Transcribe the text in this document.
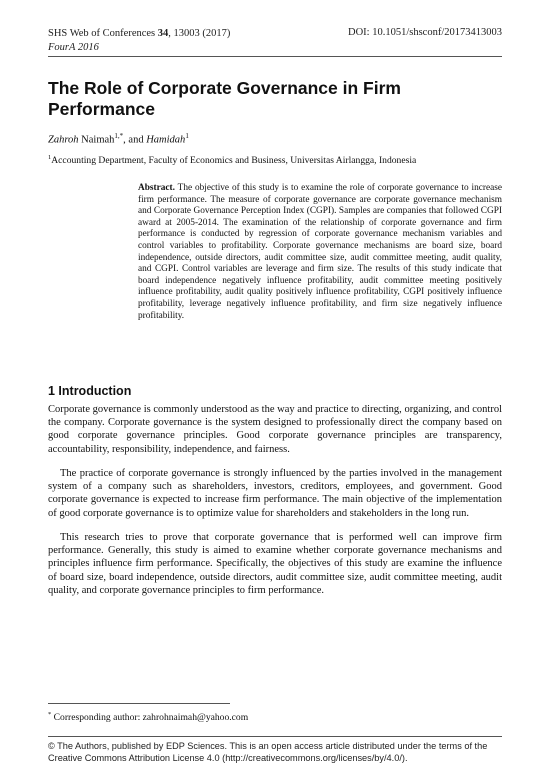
SHS Web of Conferences 34, 13003 (2017)
FourA 2016
DOI: 10.1051/shsconf/20173413003
The Role of Corporate Governance in Firm Performance
Zahroh Naimah$^{1,*}$, and Hamidah$^1$
$^1$Accounting Department, Faculty of Economics and Business, Universitas Airlangga, Indonesia
Abstract. The objective of this study is to examine the role of corporate governance to increase firm performance. The measure of corporate governance are corporate governance mechanism and Corporate Governance Perception Index (CGPI). Samples are companies that followed CGPI award at 2005-2014. The examination of the relationship of corporate governance and firm performance is conducted by regression of corporate governance mechanism variables and control variables to profitability. Corporate governance mechanisms are board size, board independence, outside directors, audit committee size, audit committee meeting, audit quality, and CGPI. Control variables are leverage and firm size. The results of this study indicate that board independence negatively influence profitability, audit committee meeting positively influence profitability, audit quality positively influence profitability, CGPI positively influence profitability, leverage negatively influence profitability, and firm size negatively influence profitability.
1 Introduction
Corporate governance is commonly understood as the way and practice to directing, organizing, and control the company. Corporate governance is the system designed to professionally direct the company based on good corporate governance principles. Good corporate governance principles are transparency, accountability, responsibility, independence, and fairness.
The practice of corporate governance is strongly influenced by the parties involved in the management system of a company such as shareholders, investors, creditors, employees, and government. Good corporate governance is expected to increase firm performance. The main objective of the implementation of good corporate governance is to optimize value for shareholders and stakeholders in the long run.
This research tries to prove that corporate governance that is performed well can improve firm performance. Generally, this study is aimed to examine whether corporate governance mechanisms and principles influence firm performance. Specifically, the objectives of this study are examine the influence of board size, board independence, outside directors, audit committee size, audit committee meeting, audit quality, and corporate governance principles to firm performance.
* Corresponding author: zahrohnaimah@yahoo.com
© The Authors, published by EDP Sciences. This is an open access article distributed under the terms of the Creative Commons Attribution License 4.0 (http://creativecommons.org/licenses/by/4.0/).
